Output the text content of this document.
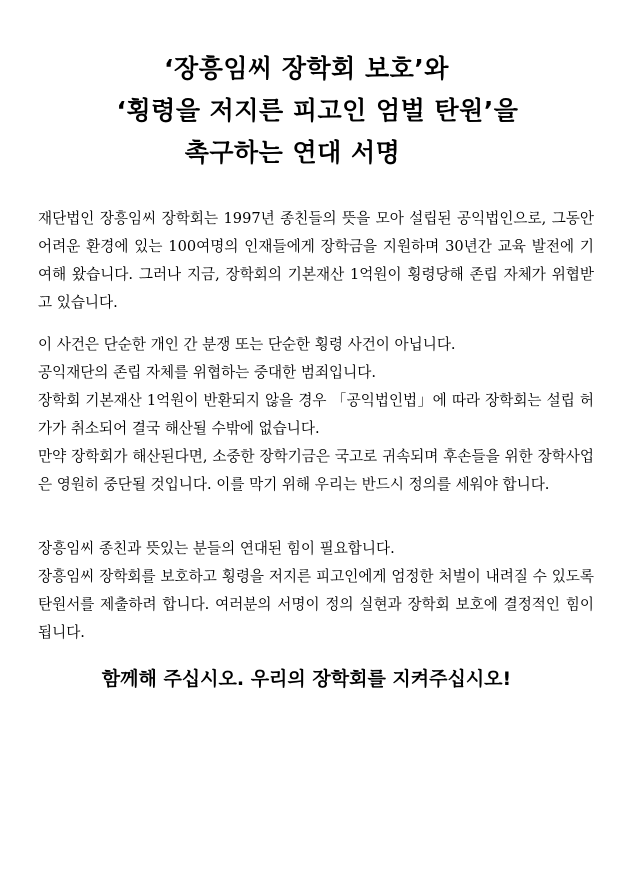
‘장흥임씨 장학회 보호’와
‘횡령을 저지른 피고인 엄벌 탄원’을
촉구하는 연대 서명

재단법인 장흥임씨 장학회는 1997년 종친들의 뜻을 모아 설립된 공익법인으로, 그동안 어려운 환경에 있는 100여명의 인재들에게 장학금을 지원하며 30년간 교육 발전에 기여해 왔습니다. 그러나 지금, 장학회의 기본재산 1억원이 횡령당해 존립 자체가 위협받고 있습니다.

이 사건은 단순한 개인 간 분쟁 또는 단순한 횡령 사건이 아닙니다.

공익재단의 존립 자체를 위협하는 중대한 범죄입니다.

장학회 기본재산 1억원이 반환되지 않을 경우 「공익법인법」에 따라 장학회는 설립 허가가 취소되어 결국 해산될 수밖에 없습니다.

만약 장학회가 해산된다면, 소중한 장학기금은 국고로 귀속되며 후손들을 위한 장학사업은 영원히 중단될 것입니다. 이를 막기 위해 우리는 반드시 정의를 세워야 합니다.

장흥임씨 종친과 뜻있는 분들의 연대된 힘이 필요합니다.

장흥임씨 장학회를 보호하고 횡령을 저지른 피고인에게 엄정한 처벌이 내려질 수 있도록 탄원서를 제출하려 합니다. 여러분의 서명이 정의 실현과 장학회 보호에 결정적인 힘이 됩니다.

함께해 주십시오. 우리의 장학회를 지켜주십시오!
